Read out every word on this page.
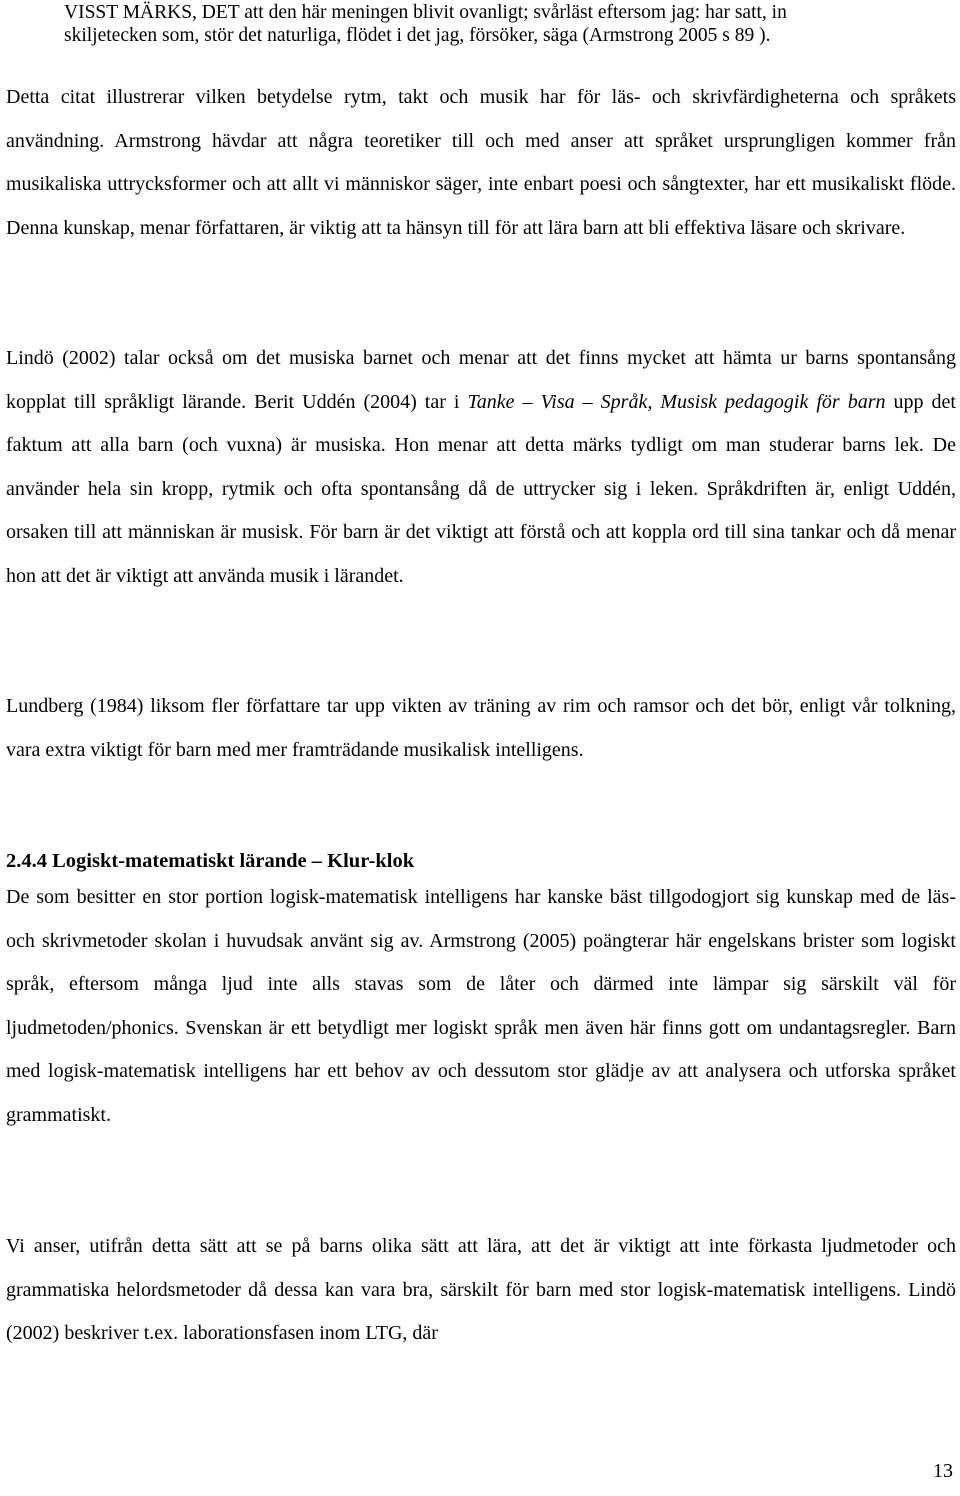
VISST MÄRKS, DET att den här meningen blivit ovanligt; svårläst eftersom jag: har satt, in

skiljetecken som, stör det naturliga, flödet i det jag, försöker, säga (Armstrong 2005 s 89 ).

Detta citat illustrerar vilken betydelse rytm, takt och musik har för läs- och skrivfärdigheterna och språkets användning. Armstrong hävdar att några teoretiker till och med anser att språket ursprungligen kommer från musikaliska uttrycksformer och att allt vi människor säger, inte enbart poesi och sångtexter, har ett musikaliskt flöde. Denna kunskap, menar författaren, är viktig att ta hänsyn till för att lära barn att bli effektiva läsare och skrivare.

Lindö (2002) talar också om det musiska barnet och menar att det finns mycket att hämta ur barns spontansång kopplat till språkligt lärande. Berit Uddén (2004) tar i Tanke – Visa – Språk, Musisk pedagogik för barn upp det faktum att alla barn (och vuxna) är musiska. Hon menar att detta märks tydligt om man studerar barns lek. De använder hela sin kropp, rytmik och ofta spontansång då de uttrycker sig i leken. Språkdriften är, enligt Uddén, orsaken till att människan är musisk. För barn är det viktigt att förstå och att koppla ord till sina tankar och då menar hon att det är viktigt att använda musik i lärandet.

Lundberg (1984) liksom fler författare tar upp vikten av träning av rim och ramsor och det bör, enligt vår tolkning, vara extra viktigt för barn med mer framträdande musikalisk intelligens.

2.4.4 Logiskt-matematiskt lärande – Klur-klok

De som besitter en stor portion logisk-matematisk intelligens har kanske bäst tillgodogjort sig kunskap med de läs- och skrivmetoder skolan i huvudsak använt sig av. Armstrong (2005) poängterar här engelskans brister som logiskt språk, eftersom många ljud inte alls stavas som de låter och därmed inte lämpar sig särskilt väl för ljudmetoden/phonics. Svenskan är ett betydligt mer logiskt språk men även här finns gott om undantagsregler. Barn med logisk-matematisk intelligens har ett behov av och dessutom stor glädje av att analysera och utforska språket grammatiskt.

Vi anser, utifrån detta sätt att se på barns olika sätt att lära, att det är viktigt att inte förkasta ljudmetoder och grammatiska helordsmetoder då dessa kan vara bra, särskilt för barn med stor logisk-matematisk intelligens. Lindö (2002) beskriver t.ex. laborationsfasen inom LTG, där

13
